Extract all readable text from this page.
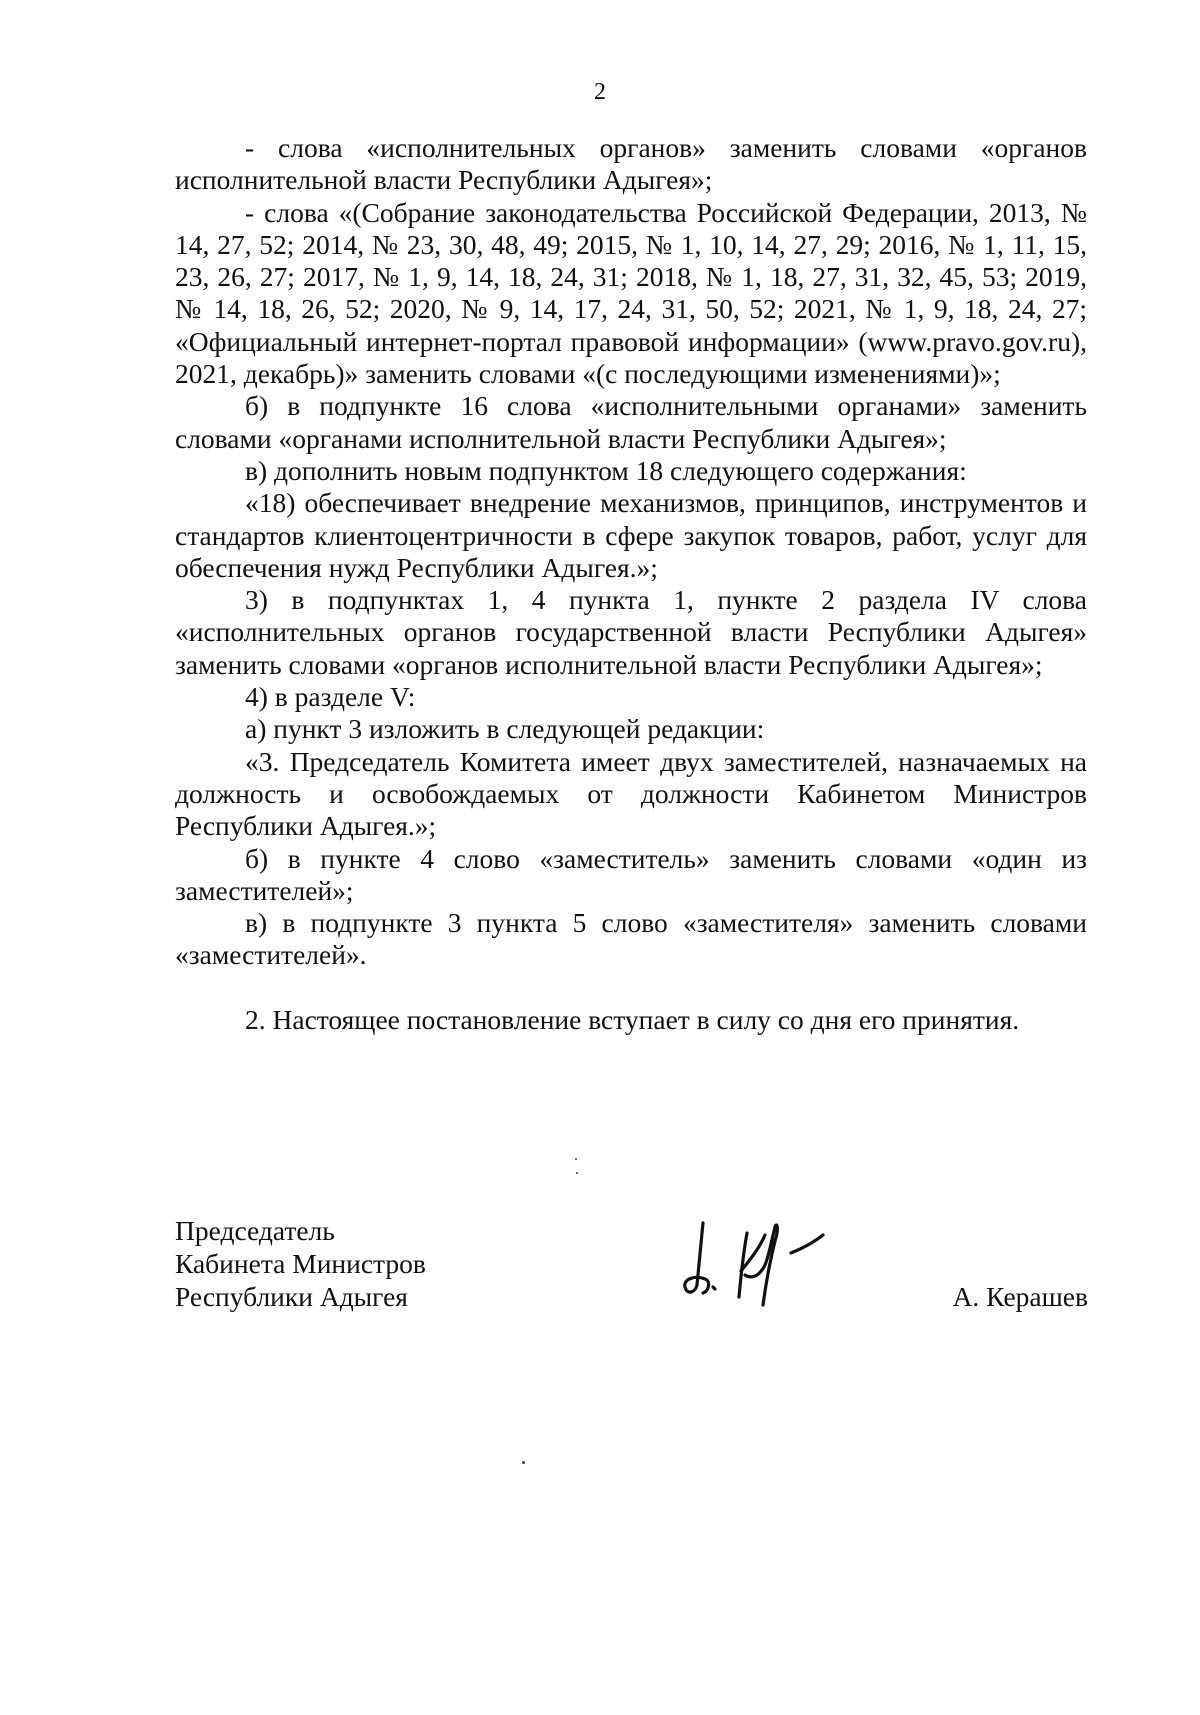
2

- слова «исполнительных органов» заменить словами «органов исполнительной власти Республики Адыгея»;

- слова «(Собрание законодательства Российской Федерации, 2013, № 14, 27, 52; 2014, № 23, 30, 48, 49; 2015, № 1, 10, 14, 27, 29; 2016, № 1, 11, 15, 23, 26, 27; 2017, № 1, 9, 14, 18, 24, 31; 2018, № 1, 18, 27, 31, 32, 45, 53; 2019, № 14, 18, 26, 52; 2020, № 9, 14, 17, 24, 31, 50, 52; 2021, № 1, 9, 18, 24, 27; «Официальный интернет-портал правовой информации» (www.pravo.gov.ru), 2021, декабрь)» заменить словами «(с последующими изменениями)»;

б) в подпункте 16 слова «исполнительными органами» заменить словами «органами исполнительной власти Республики Адыгея»;

в) дополнить новым подпунктом 18 следующего содержания:

«18) обеспечивает внедрение механизмов, принципов, инструментов и стандартов клиентоцентричности в сфере закупок товаров, работ, услуг для обеспечения нужд Республики Адыгея.»;

3) в подпунктах 1, 4 пункта 1, пункте 2 раздела IV слова «исполнительных органов государственной власти Республики Адыгея» заменить словами «органов исполнительной власти Республики Адыгея»;

4) в разделе V:

а) пункт 3 изложить в следующей редакции:

«3. Председатель Комитета имеет двух заместителей, назначаемых на должность и освобождаемых от должности Кабинетом Министров Республики Адыгея.»;

б) в пункте 4 слово «заместитель» заменить словами «один из заместителей»;

в) в подпункте 3 пункта 5 слово «заместителя» заменить словами «заместителей».

2. Настоящее постановление вступает в силу со дня его принятия.

Председатель
Кабинета Министров
Республики Адыгея	А. Керашев
